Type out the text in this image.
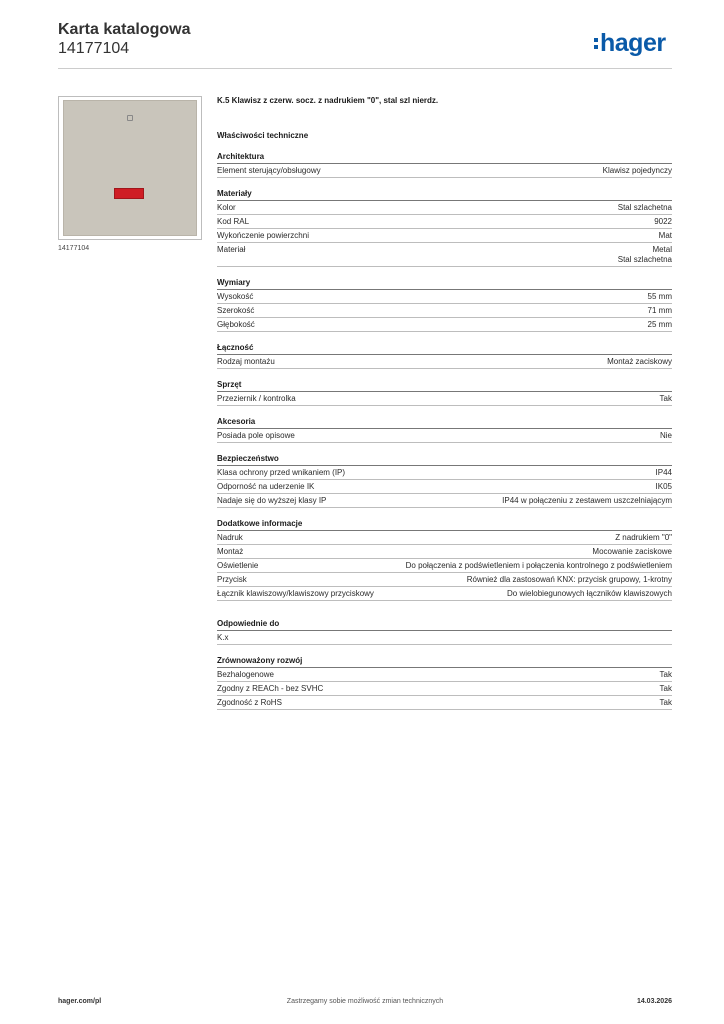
Karta katalogowa
14177104	hager
14177104
K.5 Klawisz z czerw. socz. z nadrukiem "0", stal szl nierdz.
Właściwości techniczne
Architektura
Element sterujący/obsługowy	Klawisz pojedynczy
Materiały
Kolor	Stal szlachetna
Kod RAL	9022
Wykończenie powierzchni	Mat
Materiał	Metal
Stal szlachetna
Wymiary
Wysokość	55 mm
Szerokość	71 mm
Głębokość	25 mm
Łączność
Rodzaj montażu	Montaż zaciskowy
Sprzęt
Przeziernik / kontrolka	Tak
Akcesoria
Posiada pole opisowe	Nie
Bezpieczeństwo
Klasa ochrony przed wnikaniem (IP)	IP44
Odporność na uderzenie IK	IK05
Nadaje się do wyższej klasy IP	IP44 w połączeniu z zestawem uszczelniającym
Dodatkowe informacje
Nadruk	Z nadrukiem "0"
Montaż	Mocowanie zaciskowe
Oświetlenie	Do połączenia z podświetleniem i połączenia kontrolnego z podświetleniem
Przycisk	Również dla zastosowań KNX: przycisk grupowy, 1-krotny
Łącznik klawiszowy/klawiszowy przyciskowy	Do wielobiegunowych łączników klawiszowych
Odpowiednie do
K.x
Zrównoważony rozwój
Bezhalogenowe	Tak
Zgodny z REACh - bez SVHC	Tak
Zgodność z RoHS	Tak
hager.com/pl	Zastrzegamy sobie możliwość zmian technicznych	14.03.2026
